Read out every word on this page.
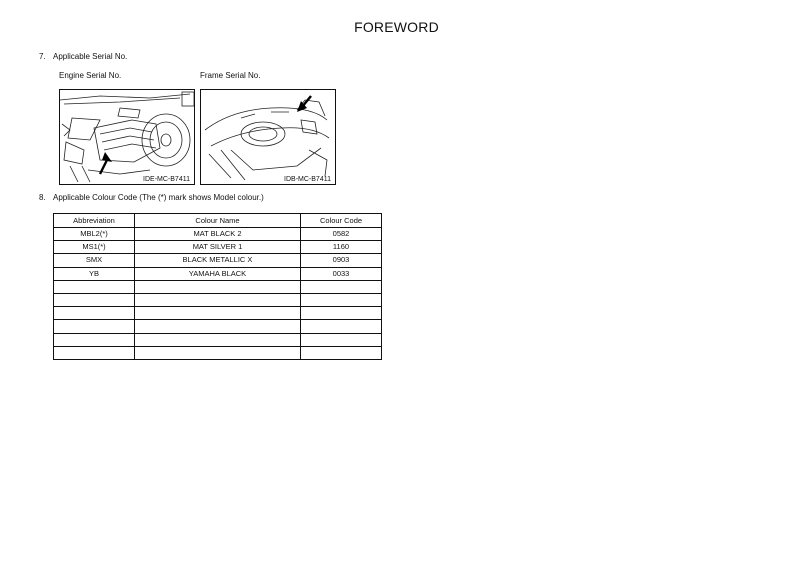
FOREWORD
7. Applicable Serial No.
Engine Serial No.	Frame Serial No.
IDE-MC-B7411	IDB-MC-B7411
8. Applicable Colour Code (The (*) mark shows Model colour.)
Abbreviation	Colour Name	Colour Code
MBL2(*)	MAT BLACK 2	0582
MS1(*)	MAT SILVER 1	1160
SMX	BLACK METALLIC X	0903
YB	YAMAHA BLACK	0033
